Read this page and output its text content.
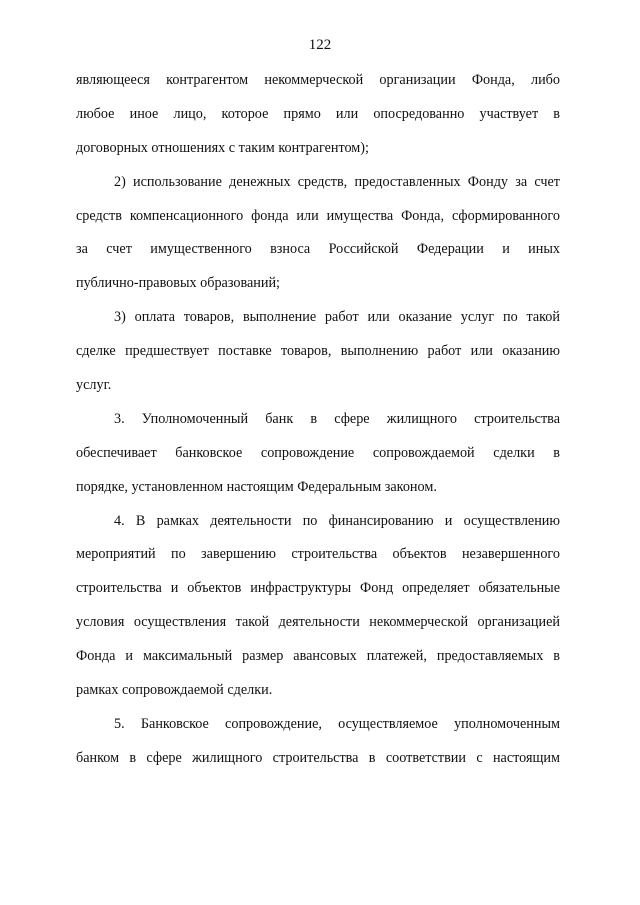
122
являющееся контрагентом некоммерческой организации Фонда, либо
любое иное лицо, которое прямо или опосредованно участвует в
договорных отношениях с таким контрагентом);
2) использование денежных средств, предоставленных Фонду за счет
средств компенсационного фонда или имущества Фонда, сформированного
за счет имущественного взноса Российской Федерации и иных
публично-правовых образований;
3) оплата товаров, выполнение работ или оказание услуг по такой
сделке предшествует поставке товаров, выполнению работ или оказанию
услуг.
3. Уполномоченный банк в сфере жилищного строительства
обеспечивает банковское сопровождение сопровождаемой сделки в
порядке, установленном настоящим Федеральным законом.
4. В рамках деятельности по финансированию и осуществлению
мероприятий по завершению строительства объектов незавершенного
строительства и объектов инфраструктуры Фонд определяет обязательные
условия осуществления такой деятельности некоммерческой организацией
Фонда и максимальный размер авансовых платежей, предоставляемых в
рамках сопровождаемой сделки.
5. Банковское сопровождение, осуществляемое уполномоченным
банком в сфере жилищного строительства в соответствии с настоящим
